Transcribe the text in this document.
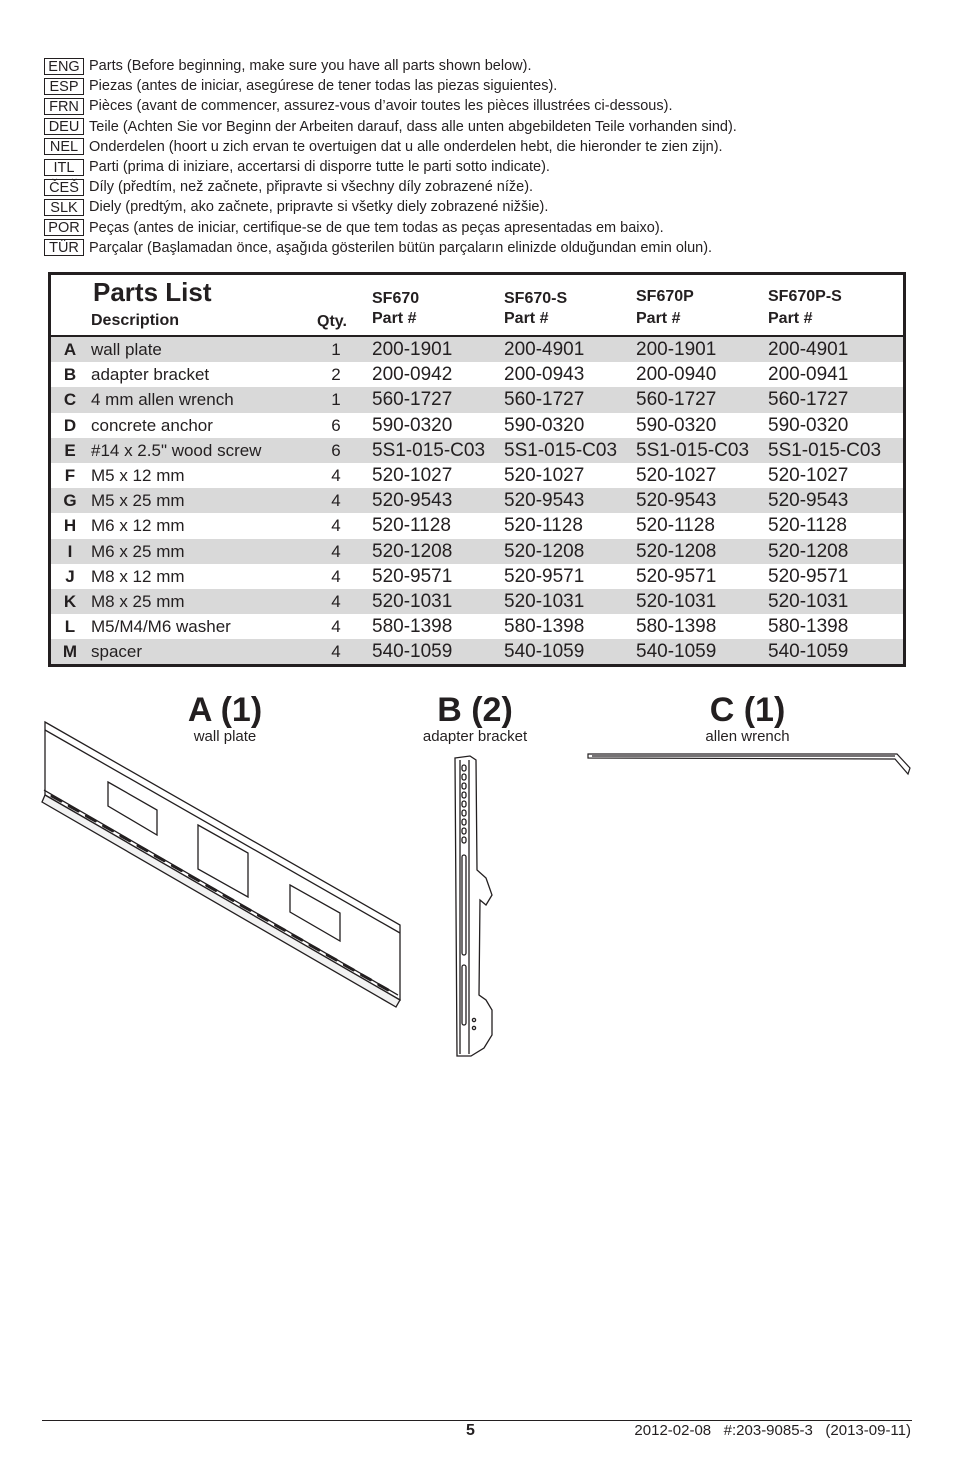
ENG Parts (Before beginning, make sure you have all parts shown below).
ESP Piezas (antes de iniciar, asegúrese de tener todas las piezas siguientes).
FRN Pièces (avant de commencer, assurez-vous d’avoir toutes les pièces illustrées ci-dessous).
DEU Teile (Achten Sie vor Beginn der Arbeiten darauf, dass alle unten abgebildeten Teile vorhanden sind).
NEL Onderdelen (hoort u zich ervan te overtuigen dat u alle onderdelen hebt, die hieronder te zien zijn).
ITL	Parti (prima di iniziare, accertarsi di disporre tutte le parti sotto indicate).
ČEŠ Díly (předtím, než začnete, připravte si všechny díly zobrazené níže).
SLK Diely (predtým, ako začnete, pripravte si všetky diely zobrazené nižšie).
POR Peças (antes de iniciar, certifique-se de que tem todas as peças apresentadas em baixo).
TÜR Parçalar (Başlamadan önce, aşağıda gösterilen bütün parçaların elinizde olduğundan emin olun).
Parts List
Description	Qty.
SF670
Part #
SF670-S
Part #
SF670P
Part #
SF670P-S
Part #
A wall plate	1	200-1901	200-4901	200-1901	200-4901
B adapter bracket	2	200-0942	200-0943	200-0940	200-0941
C 4 mm allen wrench	1	560-1727	560-1727	560-1727	560-1727
D concrete anchor	6	590-0320	590-0320	590-0320	590-0320
E #14 x 2.5" wood screw	6	5S1-015-C03 5S1-015-C03 5S1-015-C03 5S1-015-C03
F M5 x 12 mm	4	520-1027	520-1027	520-1027	520-1027
G M5 x 25 mm	4	520-9543	520-9543	520-9543	520-9543
H M6 x 12 mm	4	520-1128	520-1128	520-1128	520-1128
I	M6 x 25 mm	4	520-1208	520-1208	520-1208	520-1208
J M8 x 12 mm	4	520-9571	520-9571	520-9571	520-9571
K M8 x 25 mm	4	520-1031	520-1031	520-1031	520-1031
L M5/M4/M6 washer	4	580-1398	580-1398	580-1398	580-1398
M spacer	4	540-1059	540-1059	540-1059	540-1059
A (1)
wall plate
B (2)
adapter bracket
C (1)
allen wrench
5	2012-02-08   #:203-9085-3   (2013-09-11)
